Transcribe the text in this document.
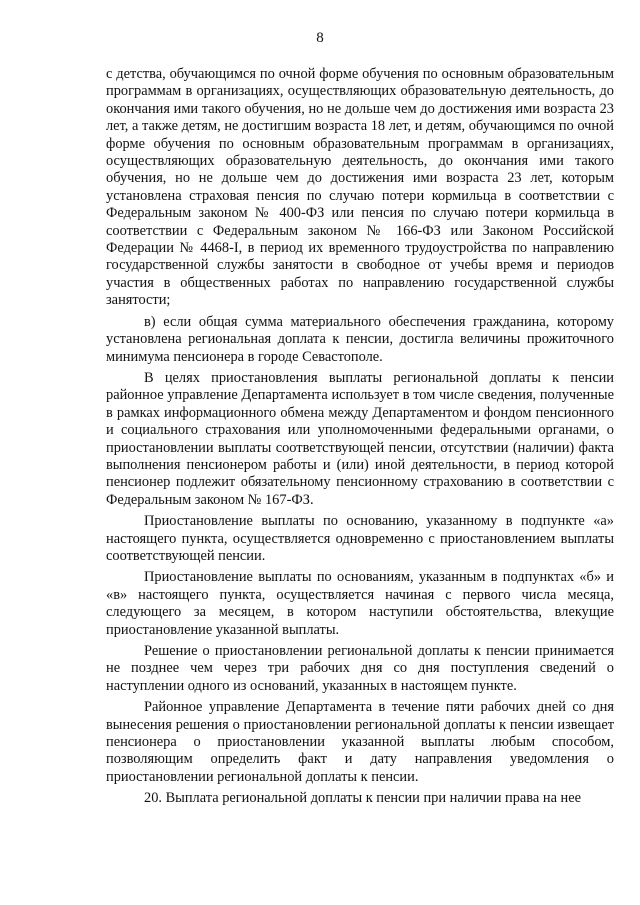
8

с детства, обучающимся по очной форме обучения по основным образовательным программам в организациях, осуществляющих образовательную деятельность, до окончания ими такого обучения, но не дольше чем до достижения ими возраста 23 лет, а также детям, не достигшим возраста 18 лет, и детям, обучающимся по очной форме обучения по основным образовательным программам в организациях, осуществляющих образовательную деятельность, до окончания ими такого обучения, но не дольше чем до достижения ими возраста 23 лет, которым установлена страховая пенсия по случаю потери кормильца в соответствии с Федеральным законом № 400-ФЗ или пенсия по случаю потери кормильца в соответствии с Федеральным законом № 166-ФЗ или Законом Российской Федерации № 4468-I, в период их временного трудоустройства по направлению государственной службы занятости в свободное от учебы время и периодов участия в общественных работах по направлению государственной службы занятости;

в) если общая сумма материального обеспечения гражданина, которому установлена региональная доплата к пенсии, достигла величины прожиточного минимума пенсионера в городе Севастополе.

В целях приостановления выплаты региональной доплаты к пенсии районное управление Департамента использует в том числе сведения, полученные в рамках информационного обмена между Департаментом и фондом пенсионного и социального страхования или уполномоченными федеральными органами, о приостановлении выплаты соответствующей пенсии, отсутствии (наличии) факта выполнения пенсионером работы и (или) иной деятельности, в период которой пенсионер подлежит обязательному пенсионному страхованию в соответствии с Федеральным законом № 167-ФЗ.

Приостановление выплаты по основанию, указанному в подпункте «а» настоящего пункта, осуществляется одновременно с приостановлением выплаты соответствующей пенсии.

Приостановление выплаты по основаниям, указанным в подпунктах «б» и «в» настоящего пункта, осуществляется начиная с первого числа месяца, следующего за месяцем, в котором наступили обстоятельства, влекущие приостановление указанной выплаты.

Решение о приостановлении региональной доплаты к пенсии принимается не позднее чем через три рабочих дня со дня поступления сведений о наступлении одного из оснований, указанных в настоящем пункте.

Районное управление Департамента в течение пяти рабочих дней со дня вынесения решения о приостановлении региональной доплаты к пенсии извещает пенсионера о приостановлении указанной выплаты любым способом, позволяющим определить факт и дату направления уведомления о приостановлении региональной доплаты к пенсии.

20. Выплата региональной доплаты к пенсии при наличии права на нее
